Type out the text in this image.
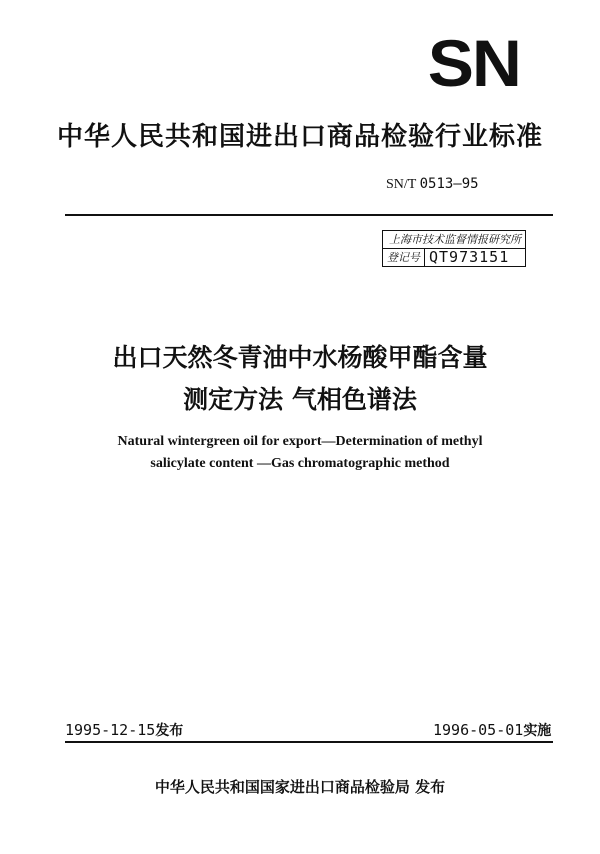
SN
中华人民共和国进出口商品检验行业标准
SN/T 0513—95
上海市技术监督情报研究所
登记号 QT973151
出口天然冬青油中水杨酸甲酯含量
测定方法 气相色谱法
Natural wintergreen oil for export—Determination of methyl
salicylate content —Gas chromatographic method
1995-12-15发布	1996-05-01实施
中华人民共和国国家进出口商品检验局 发布
